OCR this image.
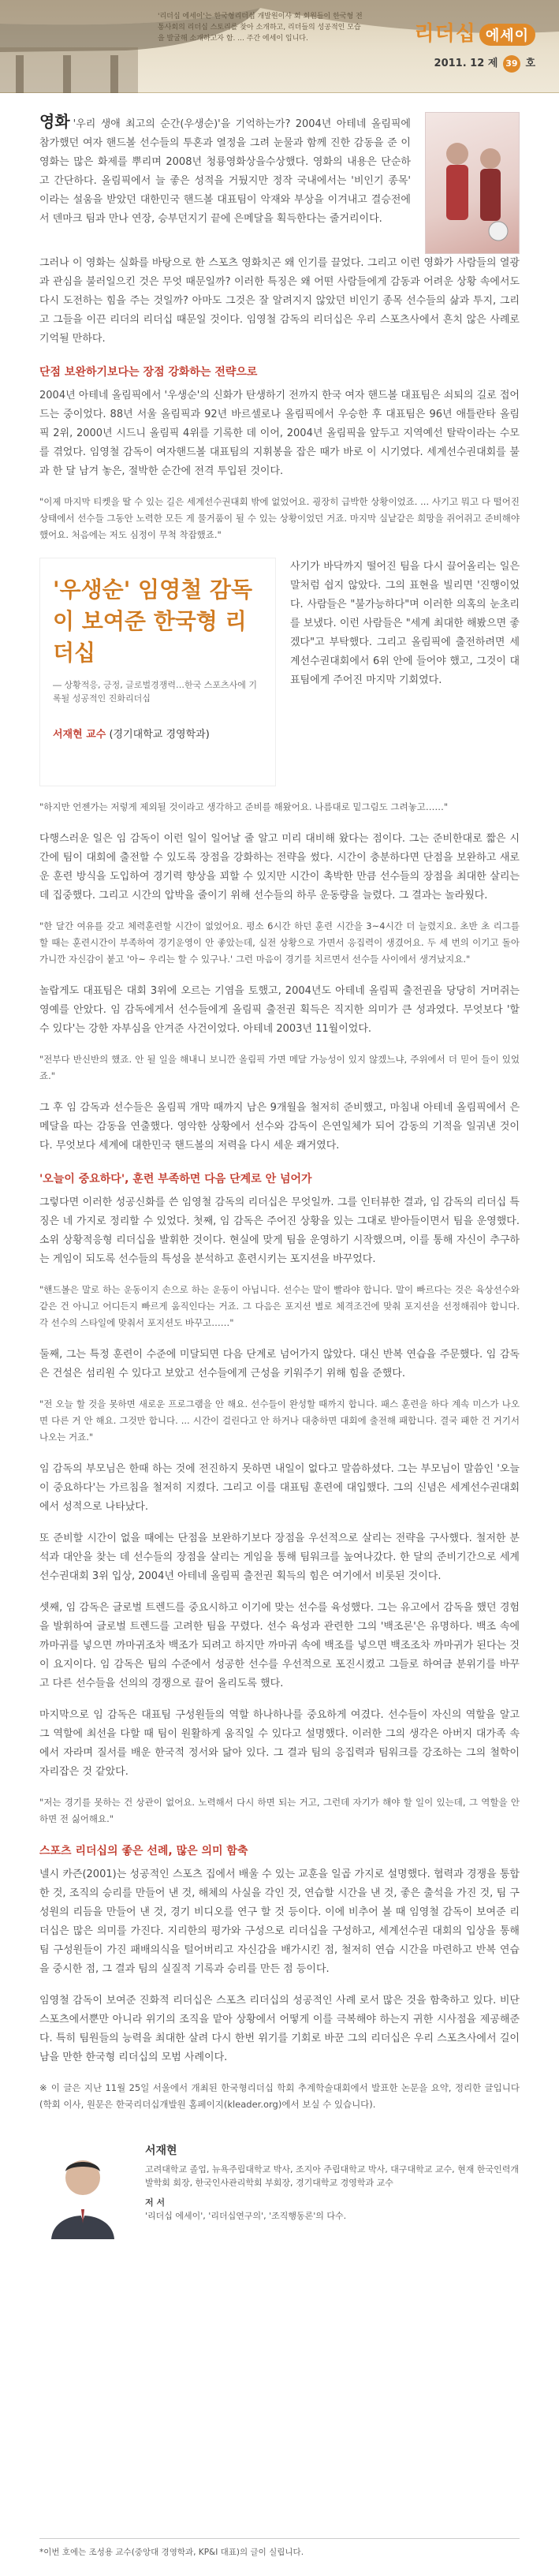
'리더십 에세이'는 한국형리더십 개발원이사 회 회원들이 한국형 전통사회의 리더십 스토리를 찾아 소개하고, 리더들의 성공적인 모습을 발굴해 소개하고자 함. ... 주간 에세이 입니다.	리더십 에세이
2011. 12 제 39 호

영화 '우리 생애 최고의 순간(우생순)'을 기억하는가? 2004년 아테네 올림픽에 참가했던 여자 핸드볼 선수들의 투혼과 열정을 그려 눈물과 함께 진한 감동을 준 이 영화는 많은 화제를 뿌리며 2008년 청룡영화상을수상했다. 영화의 내용은 단순하고 간단하다. 올림픽에서 늘 좋은 성적을 거뒀지만 정작 국내에서는 '비인기 종목' 이라는 설움을 받았던 대한민국 핸드볼 대표팀이 악재와 부상을 이겨내고 결승전에서 덴마크 팀과 만나 연장, 승부던지기 끝에 은메달을 획득한다는 줄거리이다.

그러나 이 영화는 실화를 바탕으로 한 스포츠 영화치곤 왜 인기를 끌었다. 그리고 이런 영화가 사람들의 열광과 관심을 불러일으킨 것은 무엇 때문일까? 이러한 특징은 왜 어떤 사람들에게 감동과 어려운 상황 속에서도 다시 도전하는 힘을 주는 것일까? 아마도 그것은 잘 알려지지 않았던 비인기 종목 선수들의 삶과 투지, 그리고 그들을 이끈 리더의 리더십 때문일 것이다. 임영철 감독의 리더십은 우리 스포츠사에서 흔치 않은 사례로 기억될 만하다.

단점 보완하기보다는 장점 강화하는 전략으로

2004년 아테네 올림픽에서 '우생순'의 신화가 탄생하기 전까지 한국 여자 핸드볼 대표팀은 쇠퇴의 길로 접어드는 중이었다. 88년 서울 올림픽과 92년 바르셀로나 올림픽에서 우승한 후 대표팀은 96년 애틀란타 올림픽 2위, 2000년 시드니 올림픽 4위를 기록한 데 이어, 2004년 올림픽을 앞두고 지역예선 탈락이라는 수모를 겪었다. 임영철 감독이 여자핸드볼 대표팀의 지휘봉을 잡은 때가 바로 이 시기였다. 세계선수권대회를 불과 한 달 남겨 놓은, 절박한 순간에 전격 투입된 것이다.

"이제 마지막 티켓을 딸 수 있는 길은 세계선수권대회 밖에 없었어요. 굉장히 급박한 상황이었죠. ... 사기고 뭐고 다 떨어진 상태에서 선수들 그동안 노력한 모든 게 물거품이 될 수 있는 상황이었던 거죠. 마지막 실낱같은 희망을 쥐어쥐고 준비해야 했어요. 처음에는 저도 심정이 무척 착잡했죠."

'우생순' 임영철 감독이 보여준 한국형 리더십
― 상황적응, 긍정, 글로벌경쟁력…한국 스포츠사에 기록될 성공적인 진화리더십
서재현 교수 (경기대학교 경영학과)

사기가 바닥까지 떨어진 팀을 다시 끌어올리는 일은 말처럼 쉽지 않았다. 그의 표현을 빌리면 '진행이었다. 사람들은 "불가능하다"며 이러한 의혹의 눈초리를 보냈다. 이런 사람들은 "세계 최대한 해봤으면 좋겠다"고 부탁했다. 그리고 올림픽에 출전하려면 세계선수권대회에서 6위 안에 들어야 했고, 그것이 대표팀에게 주어진 마지막 기회였다.

"하지만 언젠가는 저렇게 제외될 것이라고 생각하고 준비를 해왔어요. 나름대로 밑그림도 그려놓고……"

다행스러운 일은 임 감독이 이런 일이 일어날 줄 알고 미리 대비해 왔다는 점이다. 그는 준비한대로 짧은 시간에 팀이 대회에 출전할 수 있도록 장점을 강화하는 전략을 썼다. 시간이 충분하다면 단점을 보완하고 새로운 훈련 방식을 도입하여 경기력 향상을 꾀할 수 있지만 시간이 촉박한 만큼 선수들의 장점을 최대한 살리는 데 집중했다. 그리고 시간의 압박을 줄이기 위해 선수들의 하루 운동량을 늘렸다. 그 결과는 놀라웠다.

"한 달간 여유를 갖고 체력훈련할 시간이 없었어요. 평소 6시간 하던 훈련 시간을 3~4시간 더 늘렸지요. 초반 초 리그를 할 때는 훈련시간이 부족하여 경기운영이 안 좋았는데, 실전 상황으로 가면서 응집력이 생겼어요. 두 세 번의 이기고 돌아가니깐 자신감이 붙고 '아~ 우리는 할 수 있구나.' 그런 마음이 경기를 치르면서 선수들 사이에서 생겨났지요."

놀랍게도 대표팀은 대회 3위에 오르는 기염을 토했고, 2004년도 아테네 올림픽 출전권을 당당히 거머쥐는 영예를 안았다. 임 감독에게서 선수들에게 올림픽 출전권 획득은 직지한 의미가 큰 성과였다. 무엇보다 '할 수 있다'는 강한 자부심을 안겨준 사건이었다. 아테네 2003년 11월이었다.

"전부다 반신반의 했죠. 안 될 일을 해내니 보니깐 올림픽 가면 메달 가능성이 있지 않겠느냐, 주위에서 더 믿어 들이 있었죠."

그 후 임 감독과 선수들은 올림픽 개막 때까지 남은 9개월을 철저히 준비했고, 마침내 아테네 올림픽에서 은메달을 따는 감동을 연출했다. 영악한 상황에서 선수와 감독이 은연일체가 되어 감동의 기적을 일궈낸 것이다. 무엇보다 세계에 대한민국 핸드볼의 저력을 다시 세운 쾌거였다.

'오늘이 중요하다', 훈련 부족하면 다음 단계로 안 넘어가

그렇다면 이러한 성공신화를 쓴 임영철 감독의 리더십은 무엇일까. 그를 인터뷰한 결과, 임 감독의 리더십 특징은 네 가지로 정리할 수 있었다. 첫째, 임 감독은 주어진 상황을 있는 그대로 받아들이면서 팀을 운영했다. 소위 상황적응형 리더십을 발휘한 것이다. 현실에 맞게 팀을 운영하기 시작했으며, 이를 통해 자신이 추구하는 게임이 되도록 선수들의 특성을 분석하고 훈련시키는 포지션을 바꾸었다.

"핸드볼은 말로 하는 운동이지 손으로 하는 운동이 아닙니다. 선수는 말이 빨라야 합니다. 말이 빠르다는 것은 육상선수와 같은 건 아니고 어디든지 빠르게 움직인다는 거죠. 그 다음은 포지션 별로 체격조건에 맞춰 포지션을 선정해줘야 합니다. 각 선수의 스타일에 맞춰서 포지션도 바꾸고……"

둘째, 그는 특정 훈련이 수준에 미달되면 다음 단계로 넘어가지 않았다. 대신 반복 연습을 주문했다. 임 감독은 건설은 섬리원 수 있다고 보았고 선수들에게 근성을 키워주기 위해 힘을 준했다.

"전 오늘 할 것을 못하면 새로운 프로그램을 안 해요. 선수들이 완성할 때까지 합니다. 패스 훈련을 하다 계속 미스가 나오면 다른 거 안 해요. 그것만 합니다. ... 시간이 걸린다고 안 하거나 대충하면 대회에 출전해 패합니다. 결국 패한 건 거기서 나오는 거죠."

임 감독의 부모님은 한때 하는 것에 전진하지 못하면 내일이 없다고 말씀하셨다. 그는 부모님이 말씀인 '오늘이 중요하다'는 가르침을 철저히 지켰다. 그리고 이를 대표팀 훈련에 대입했다. 그의 신념은 세계선수권대회에서 성적으로 나타났다.

또 준비할 시간이 없을 때에는 단점을 보완하기보다 장점을 우선적으로 살리는 전략을 구사했다. 철저한 분석과 대안을 찾는 데 선수들의 장점을 살리는 게임을 통해 팀워크를 높여나갔다. 한 달의 준비기간으로 세계선수권대회 3위 입상, 2004년 아테네 올림픽 출전권 획득의 힘은 여기에서 비롯된 것이다.

셋째, 임 감독은 글로벌 트렌드를 중요시하고 이기에 맞는 선수를 육성했다. 그는 유고에서 감독을 했던 경험을 발휘하여 글로벌 트렌드를 고려한 팀을 꾸렸다. 선수 육성과 관련한 그의 '백조론'은 유명하다. 백조 속에 까마귀를 넣으면 까마귀조차 백조가 되려고 하지만 까마귀 속에 백조를 넣으면 백조조차 까마귀가 된다는 것이 요지이다. 임 감독은 팀의 수준에서 성공한 선수를 우선적으로 포진시켰고 그들로 하여금 분위기를 바꾸고 다른 선수들을 선의의 경쟁으로 끌어 올리도록 했다.

마지막으로 임 감독은 대표팀 구성원들의 역할 하나하나를 중요하게 여겼다. 선수들이 자신의 역할을 알고 그 역할에 최선을 다할 때 팀이 원활하게 움직일 수 있다고 설명했다. 이러한 그의 생각은 아버지 대가족 속에서 자라며 질서를 배운 한국적 정서와 닮아 있다. 그 결과 팀의 응집력과 팀워크를 강조하는 그의 철학이 자리잡은 것 같았다.

"저는 경기를 못하는 건 상관이 없어요. 노력해서 다시 하면 되는 거고, 그런데 자기가 해야 할 일이 있는데, 그 역할을 안 하면 전 싫어해요."

스포츠 리더십의 좋은 선례, 많은 의미 함축

넬시 카즌(2001)는 성공적인 스포츠 집에서 배울 수 있는 교훈을 일곱 가지로 설명했다. 협력과 경쟁을 통합한 것, 조직의 승리를 만들어 낸 것, 해체의 사실을 각인 것, 연습할 시간을 낸 것, 좋은 출석을 가진 것, 팀 구성원의 리듬을 만들어 낸 것, 경기 비디오를 연구 할 것 등이다. 이에 비추어 볼 때 임영철 감독이 보여준 리더십은 많은 의미를 가진다. 지리한의 평가와 구성으로 리더십을 구성하고, 세계선수권 대회의 입상을 통해 팀 구성원들이 가진 패배의식을 털어버리고 자신감을 배가시킨 점, 철저히 연습 시간을 마련하고 반복 연습을 중시한 점, 그 결과 팀의 실질적 기록과 승리를 만든 점 등이다.

임영철 감독이 보여준 진화적 리더십은 스포츠 리더십의 성공적인 사례 로서 많은 것을 함축하고 있다. 비단 스포츠에서뿐만 아니라 위기의 조직을 맡아 상황에서 어떻게 이를 극복해야 하는지 귀한 시사점을 제공해준다. 특히 팀원들의 능력을 최대한 살려 다시 한번 위기를 기회로 바꾼 그의 리더십은 우리 스포츠사에서 길이 남을 만한 한국형 리더십의 모범 사례이다.

※ 이 글은 지난 11월 25일 서울에서 개최된 한국형리더십 학회 추계학술대회에서 발표한 논문을 요약, 정리한 글입니다(학회 이사, 원문은 한국리더십개발원 홈페이지(kleader.org)에서 보실 수 있습니다).

서재현
고려대학교 졸업, 뉴욕주립대학교 박사, 조지아 주립대학교 박사, 대구대학교 교수, 현재 한국인력개발학회 회장, 한국인사관리학회 부회장, 경기대학교 경영학과 교수
저 서
'리더십 에세이', '리더십연구의', '조직행동론'의 다수.
*이번 호에는 조성용 교수(중앙대 경영학과, KP&I 대표)의 글이 실립니다.
